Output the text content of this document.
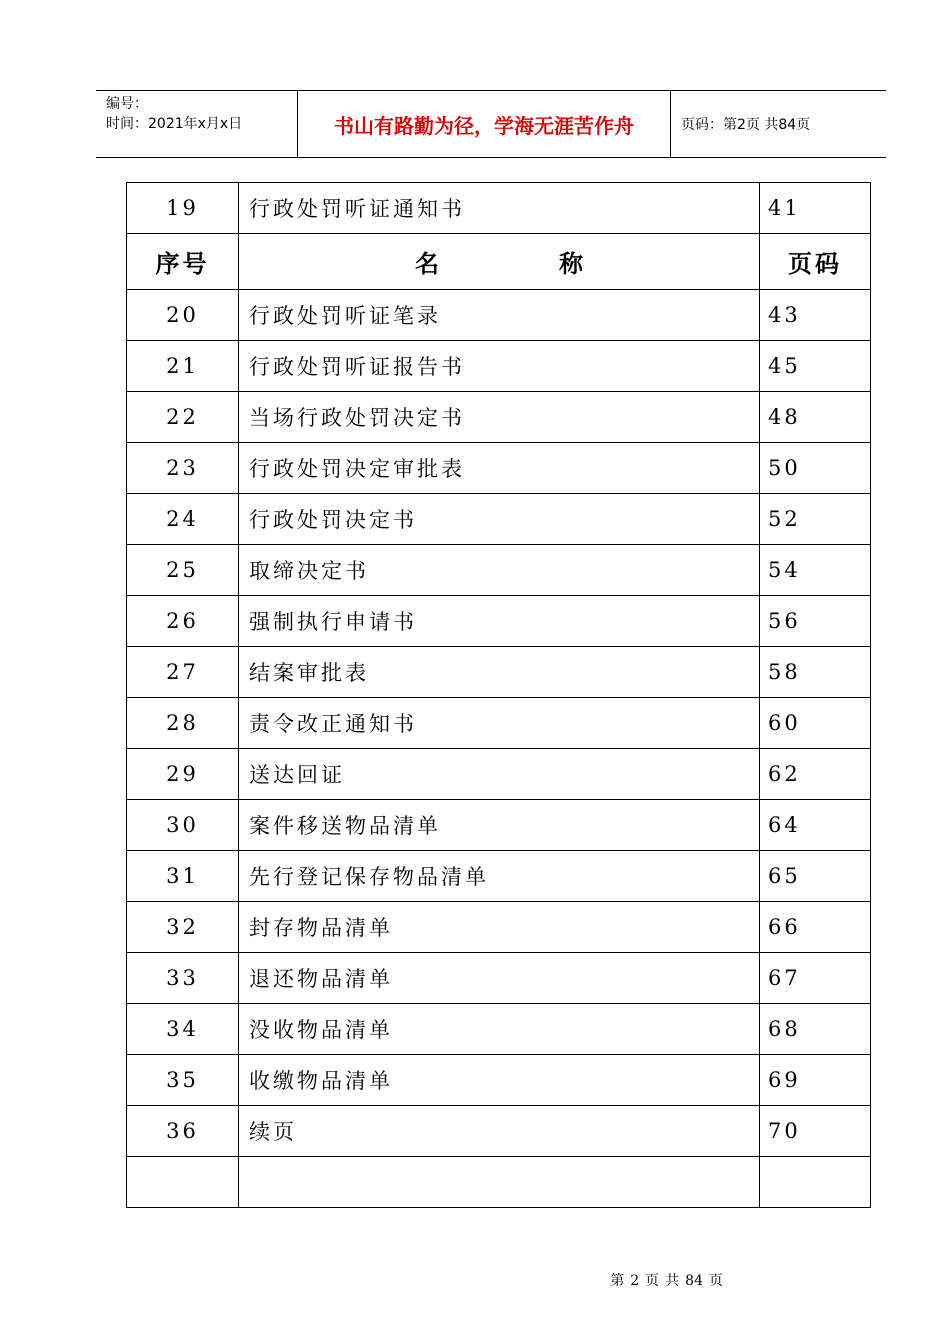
编号：
时间：2021年x月x日	书山有路勤为径，学海无涯苦作舟	页码：第2页 共84页
19	行政处罚听证通知书	41
序号	名称	页码
20	行政处罚听证笔录	43
21	行政处罚听证报告书	45
22	当场行政处罚决定书	48
23	行政处罚决定审批表	50
24	行政处罚决定书	52
25	取缔决定书	54
26	强制执行申请书	56
27	结案审批表	58
28	责令改正通知书	60
29	送达回证	62
30	案件移送物品清单	64
31	先行登记保存物品清单	65
32	封存物品清单	66
33	退还物品清单	67
34	没收物品清单	68
35	收缴物品清单	69
36	续页	70

第 2 页 共 84 页
